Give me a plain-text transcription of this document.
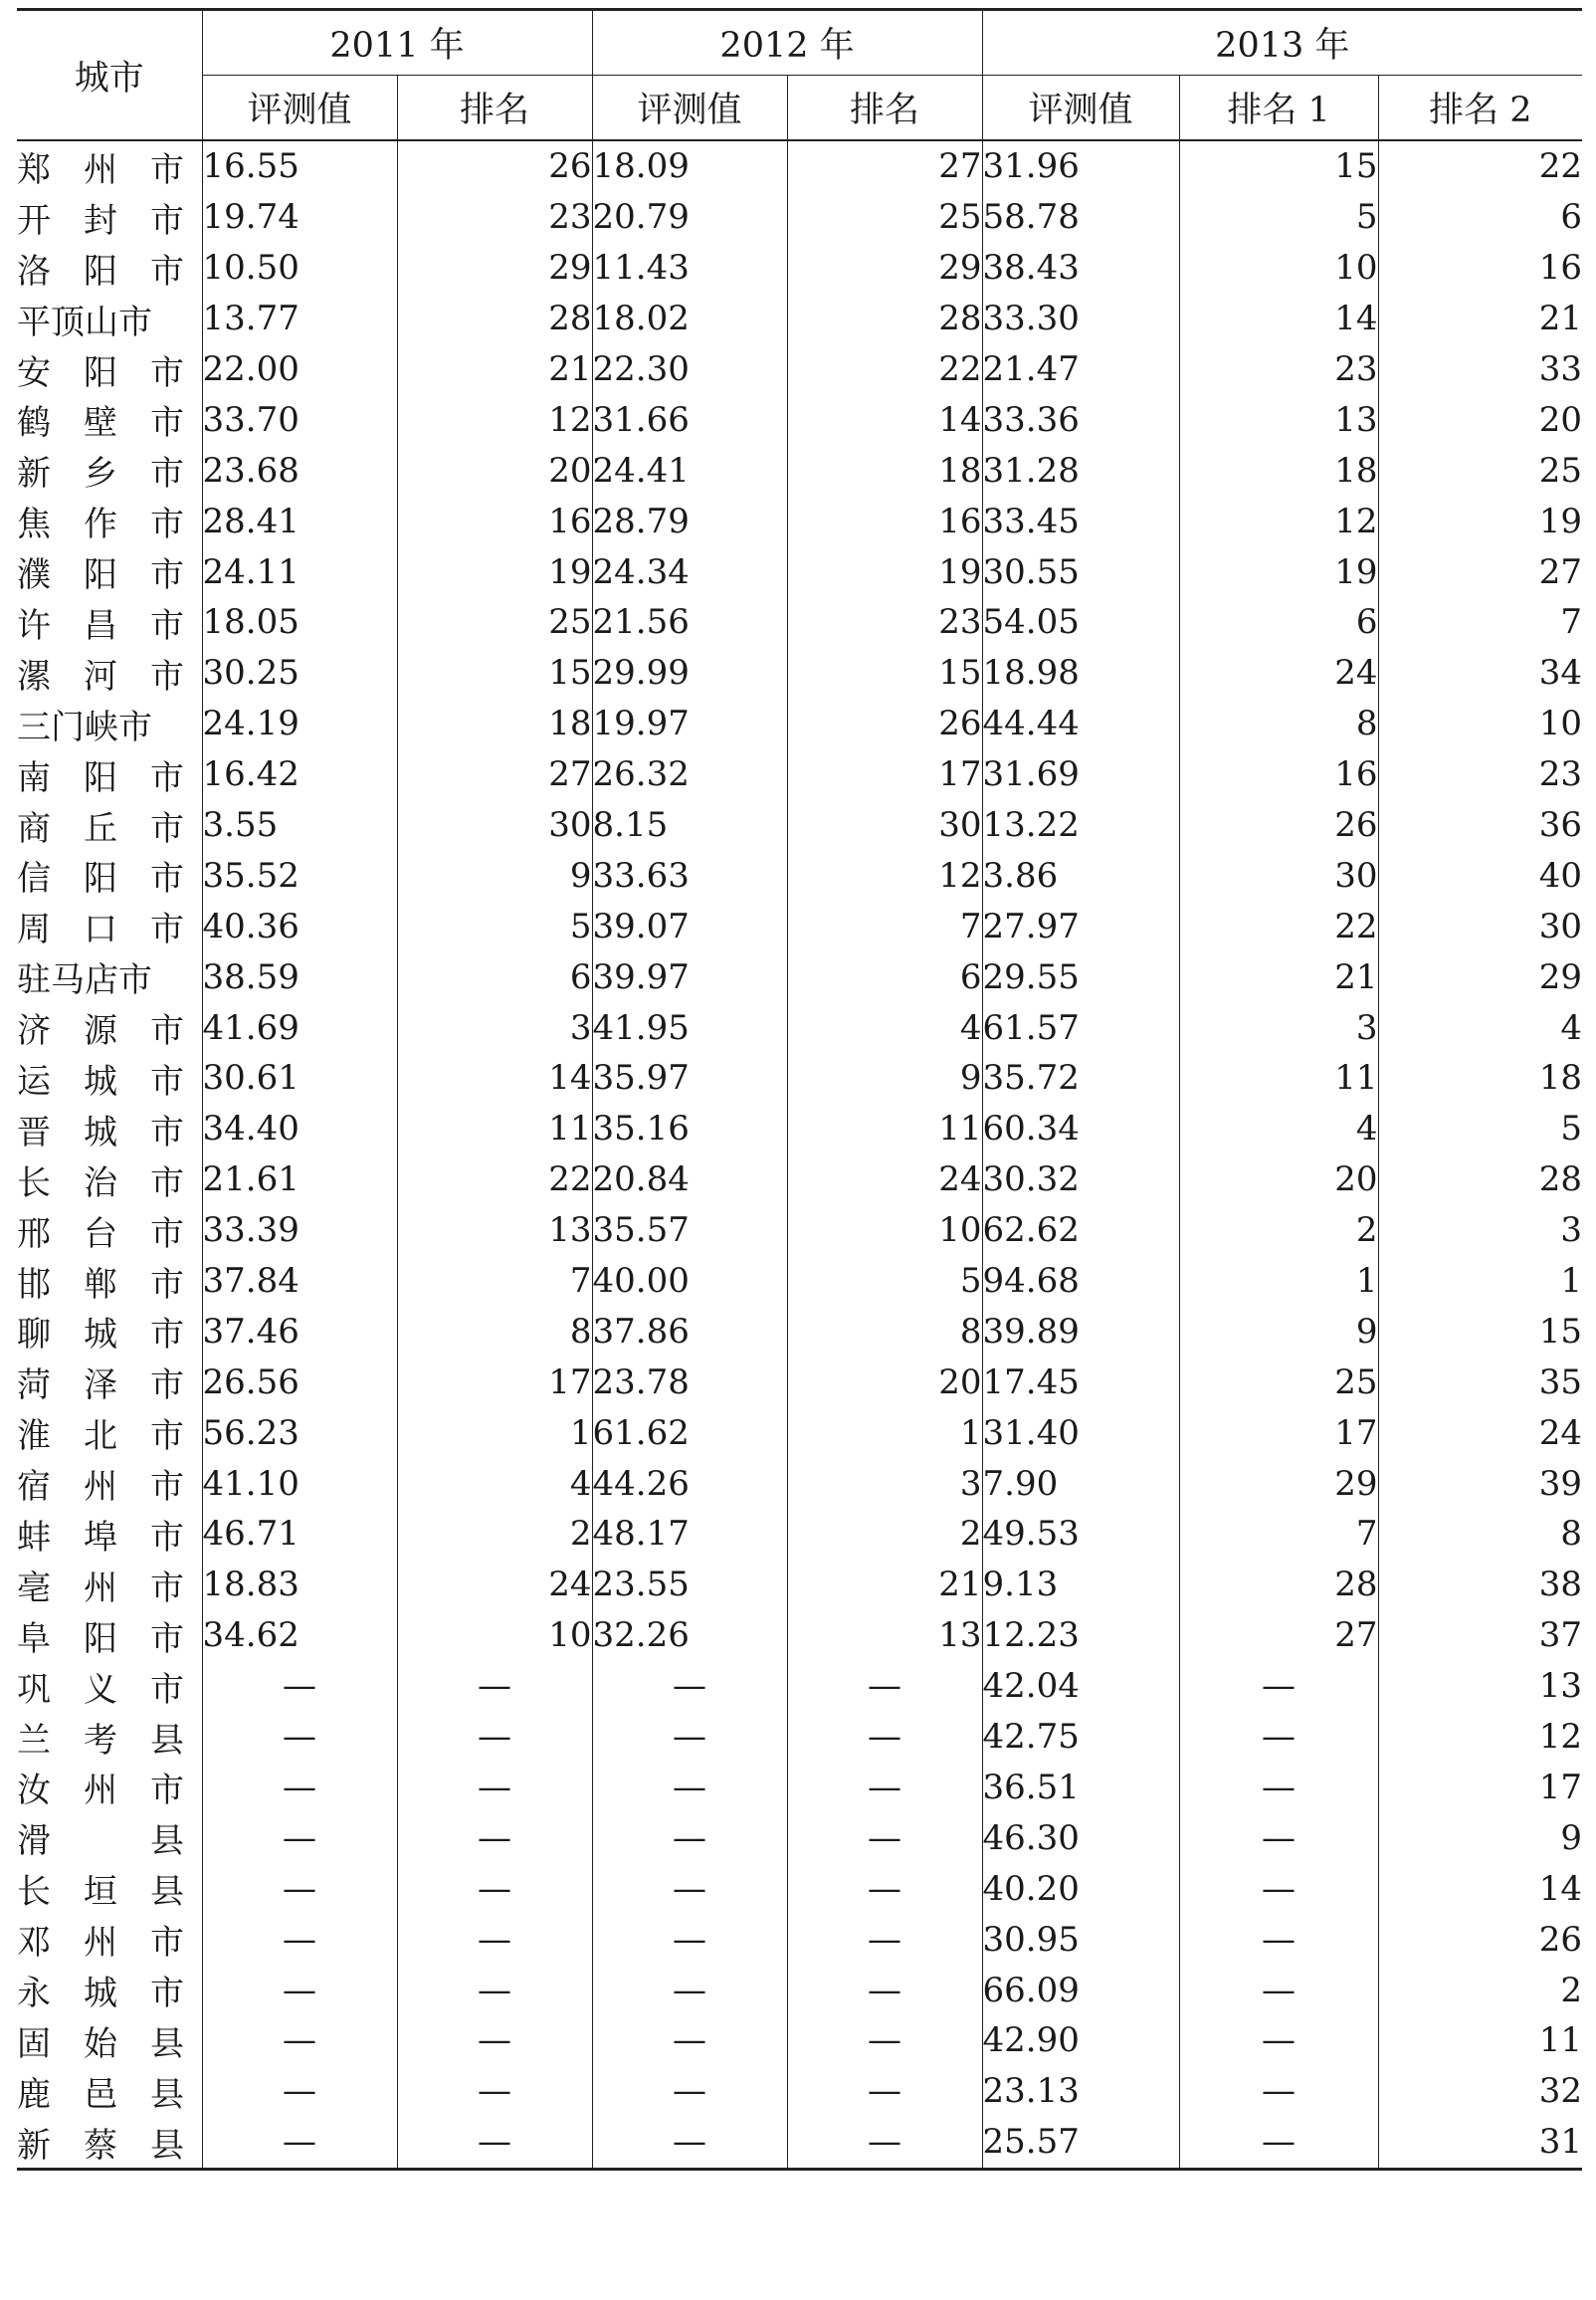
城市	2011 年		2012 年		2013 年		
	评测值	排名	评测值	排名	评测值	排名 1	排名 2

郑 州 市	16.55	26	18.09	27	31.96	15	22

开 封 市	19.74	23	20.79	25	58.78	5	6

洛 阳 市	10.50	29	11.43	29	38.43	10	16
平顶山市	13.77	28	18.02	28	33.30	14	21

安 阳 市	22.00	21	22.30	22	21.47	23	33

鹤 壁 市	33.70	12	31.66	14	33.36	13	20

新 乡 市	23.68	20	24.41	18	31.28	18	25

焦 作 市	28.41	16	28.79	16	33.45	12	19

濮 阳 市	24.11	19	24.34	19	30.55	19	27

许 昌 市	18.05	25	21.56	23	54.05	6	7

漯 河 市	30.25	15	29.99	15	18.98	24	34
三门峡市	24.19	18	19.97	26	44.44	8	10

南 阳 市	16.42	27	26.32	17	31.69	16	23

商 丘 市	3.55	30	8.15	30	13.22	26	36

信 阳 市	35.52	9	33.63	12	3.86	30	40

周 口 市	40.36	5	39.07	7	27.97	22	30
驻马店市	38.59	6	39.97	6	29.55	21	29

济 源 市	41.69	3	41.95	4	61.57	3	4

运 城 市	30.61	14	35.97	9	35.72	11	18

晋 城 市	34.40	11	35.16	11	60.34	4	5

长 治 市	21.61	22	20.84	24	30.32	20	28

邢 台 市	33.39	13	35.57	10	62.62	2	3

邯 郸 市	37.84	7	40.00	5	94.68	1	1

聊 城 市	37.46	8	37.86	8	39.89	9	15

菏 泽 市	26.56	17	23.78	20	17.45	25	35

淮 北 市	56.23	1	61.62	1	31.40	17	24

宿 州 市	41.10	4	44.26	3	7.90	29	39

蚌 埠 市	46.71	2	48.17	2	49.53	7	8

亳 州 市	18.83	24	23.55	21	9.13	28	38

阜 阳 市	34.62	10	32.26	13	12.23	27	37

巩 义 市	—	—	—	—	42.04	—	13

兰 考 县	—	—	—	—	42.75	—	12

汝 州 市	—	—	—	—	36.51	—	17

滑 县	—	—	—	—	46.30	—	9

长 垣 县	—	—	—	—	40.20	—	14

邓 州 市	—	—	—	—	30.95	—	26

永 城 市	—	—	—	—	66.09	—	2

固 始 县	—	—	—	—	42.90	—	11

鹿 邑 县	—	—	—	—	23.13	—	32

新 蔡 县	—	—	—	—	25.57	—	31
